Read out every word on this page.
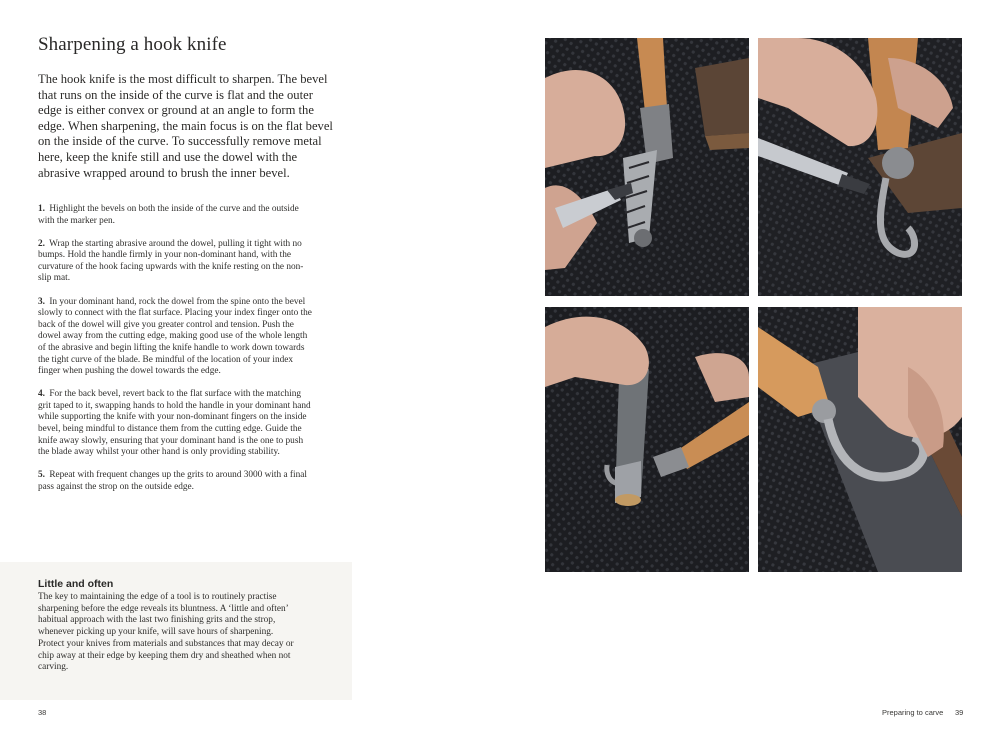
Sharpening a hook knife

The hook knife is the most difficult to sharpen. The bevel that runs on the inside of the curve is flat and the outer edge is either convex or ground at an angle to form the edge. When sharpening, the main focus is on the flat bevel on the inside of the curve. To successfully remove metal here, keep the knife still and use the dowel with the abrasive wrapped around to brush the inner bevel.

1. Highlight the bevels on both the inside of the curve and the outside with the marker pen.

2. Wrap the starting abrasive around the dowel, pulling it tight with no bumps. Hold the handle firmly in your non-dominant hand, with the curvature of the hook facing upwards with the knife resting on the non-slip mat.

3. In your dominant hand, rock the dowel from the spine onto the bevel slowly to connect with the flat surface. Placing your index finger onto the back of the dowel will give you greater control and tension. Push the dowel away from the cutting edge, making good use of the whole length of the abrasive and begin lifting the knife handle to work down towards the tight curve of the blade. Be mindful of the location of your index finger when pushing the dowel towards the edge.

4. For the back bevel, revert back to the flat surface with the matching grit taped to it, swapping hands to hold the handle in your dominant hand while supporting the knife with your non-dominant fingers on the inside bevel, being mindful to distance them from the cutting edge. Guide the knife away slowly, ensuring that your dominant hand is the one to push the blade away whilst your other hand is only providing stability.

5. Repeat with frequent changes up the grits to around 3000 with a final pass against the strop on the outside edge.

Little and often

The key to maintaining the edge of a tool is to routinely practise sharpening before the edge reveals its bluntness. A ‘little and often’ habitual approach with the last two finishing grits and the strop, whenever picking up your knife, will save hours of sharpening. Protect your knives from materials and substances that may decay or chip away at their edge by keeping them dry and sheathed when not carving.

38	Preparing to carve 39
